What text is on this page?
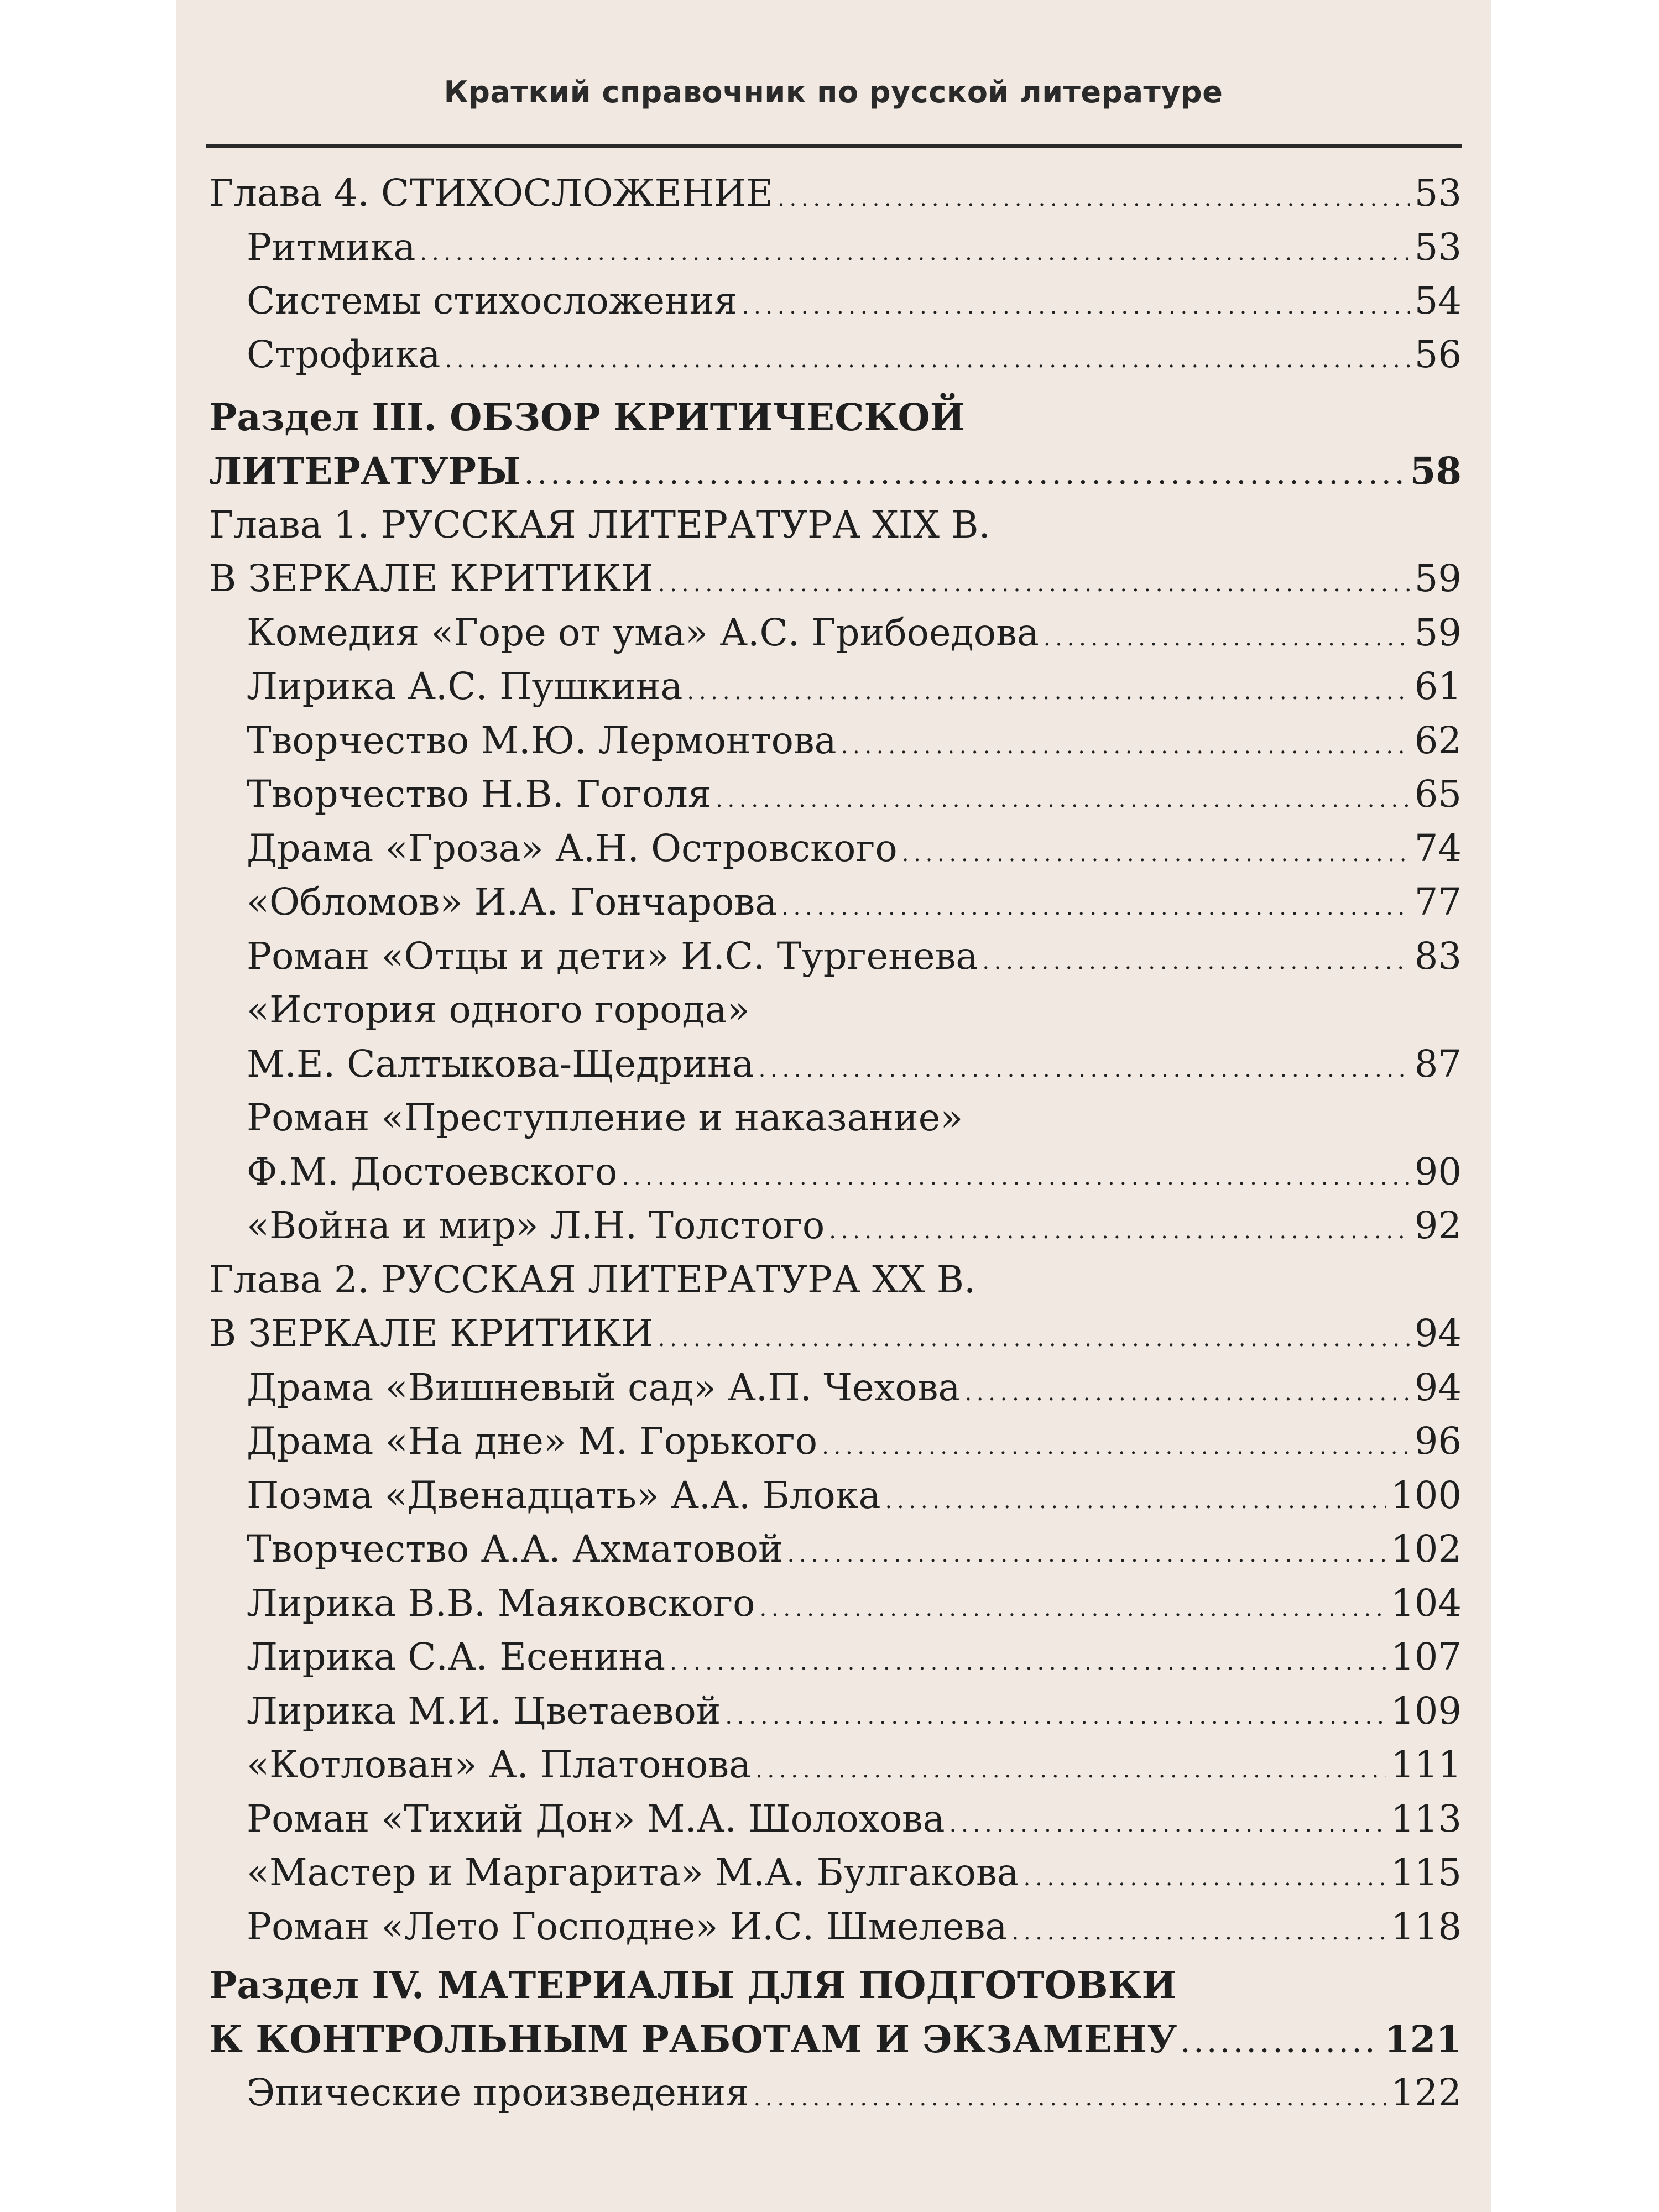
Краткий справочник по русской литературе
Глава 4. СТИХОСЛОЖЕНИЕ . . .	53
Ритмика . . .	53
Системы стихосложения . . .	54
Строфика . . .	56
Раздел III. ОБЗОР КРИТИЧЕСКОЙ
ЛИТЕРАТУРЫ . . .	58
Глава 1. РУССКАЯ ЛИТЕРАТУРА XIX В.
В ЗЕРКАЛЕ КРИТИКИ . . .	59
Комедия «Горе от ума» А.С. Грибоедова . . .	59
Лирика А.С. Пушкина . . .	61
Творчество М.Ю. Лермонтова . . .	62
Творчество Н.В. Гоголя . . .	65
Драма «Гроза» А.Н. Островского . . .	74
«Обломов» И.А. Гончарова . . .	77
Роман «Отцы и дети» И.С. Тургенева . . .	83
«История одного города»
М.Е. Салтыкова-Щедрина . . .	87
Роман «Преступление и наказание»
Ф.М. Достоевского . . .	90
«Война и мир» Л.Н. Толстого . . .	92
Глава 2. РУССКАЯ ЛИТЕРАТУРА XX В.
В ЗЕРКАЛЕ КРИТИКИ . . .	94
Драма «Вишневый сад» А.П. Чехова . . .	94
Драма «На дне» М. Горького . . .	96
Поэма «Двенадцать» А.А. Блока . . .	100
Творчество А.А. Ахматовой . . .	102
Лирика В.В. Маяковского . . .	104
Лирика С.А. Есенина . . .	107
Лирика М.И. Цветаевой . . .	109
«Котлован» А. Платонова . . .	111
Роман «Тихий Дон» М.А. Шолохова . . .	113
«Мастер и Маргарита» М.А. Булгакова . . .	115
Роман «Лето Господне» И.С. Шмелева . . .	118
Раздел IV. МАТЕРИАЛЫ ДЛЯ ПОДГОТОВКИ
К КОНТРОЛЬНЫМ РАБОТАМ И ЭКЗАМЕНУ . . .	121
Эпические произведения . . .	122
